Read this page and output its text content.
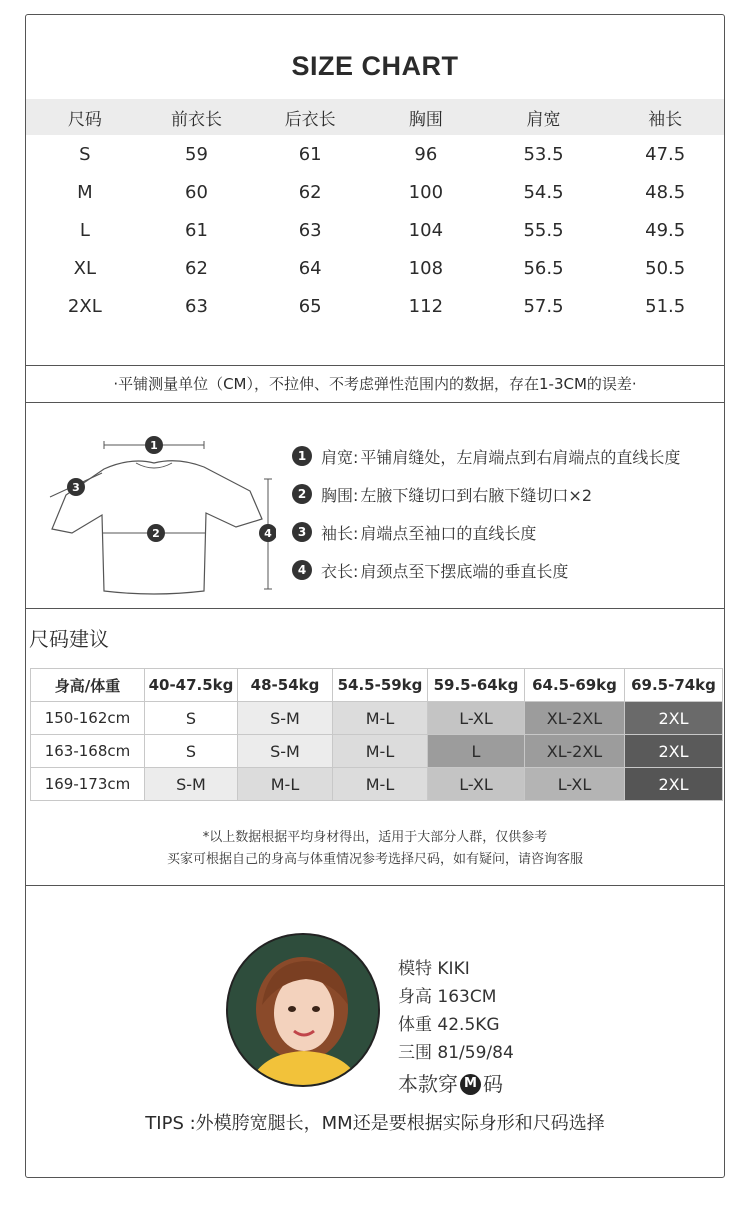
SIZE CHART
尺码	前衣长	后衣长	胸围	肩宽	袖长
S	59	61	96	53.5	47.5
M	60	62	100	54.5	48.5
L	61	63	104	55.5	49.5
XL	62	64	108	56.5	50.5
2XL	63	65	112	57.5	51.5
·平铺测量单位（CM），不拉伸、不考虑弹性范围内的数据，存在1-3CM的误差·
1
2
3
4
1 肩宽: 平铺肩缝处，左肩端点到右肩端点的直线长度
2 胸围: 左腋下缝切口到右腋下缝切口×2
3 袖长: 肩端点至袖口的直线长度
4 衣长: 肩颈点至下摆底端的垂直长度
尺码建议
身高/体重	40-47.5kg	48-54kg	54.5-59kg	59.5-64kg	64.5-69kg	69.5-74kg
150-162cm	S	S-M	M-L	L-XL	XL-2XL	2XL
163-168cm	S	S-M	M-L	L	XL-2XL	2XL
169-173cm	S-M	M-L	M-L	L-XL	L-XL	2XL
*以上数据根据平均身材得出，适用于大部分人群，仅供参考
买家可根据自己的身高与体重情况参考选择尺码，如有疑问，请咨询客服
模特 KIKI
身高 163CM
体重 42.5KG
三围 81/59/84
本款穿 M 码
TIPS :外模胯宽腿长，MM还是要根据实际身形和尺码选择
